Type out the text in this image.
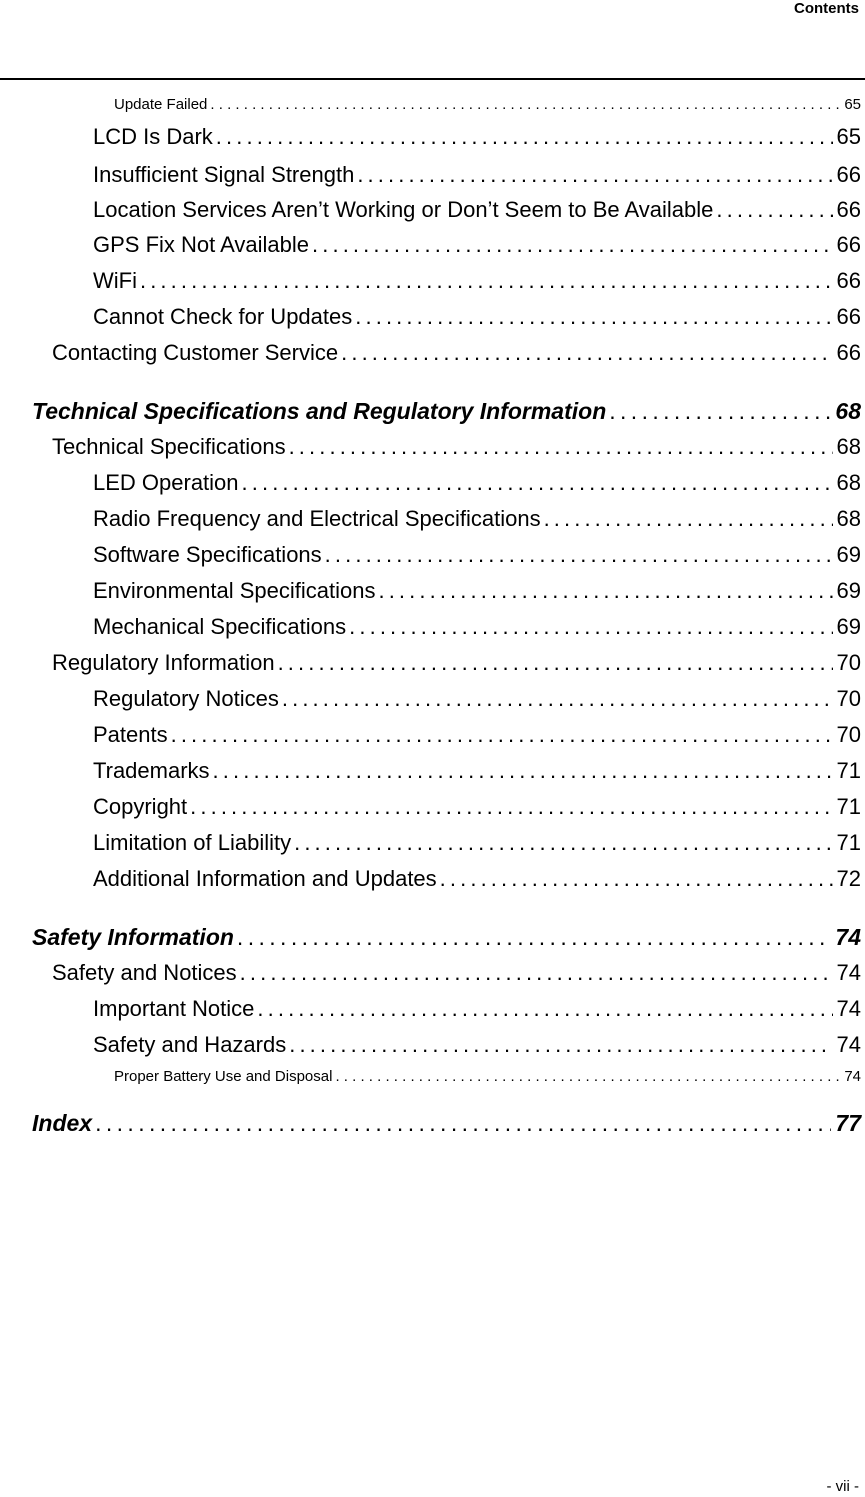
Contents
Update Failed . . .	65
LCD Is Dark . . .	65
Insufficient Signal Strength . . .	66
Location Services Aren’t Working or Don’t Seem to Be Available . . .	66
GPS Fix Not Available . . .	66
WiFi . . .	66
Cannot Check for Updates . . .	66
Contacting Customer Service . . .	66
Technical Specifications and Regulatory Information . . .	68
Technical Specifications . . .	68
LED Operation . . .	68
Radio Frequency and Electrical Specifications . . .	68
Software Specifications . . .	69
Environmental Specifications . . .	69
Mechanical Specifications . . .	69
Regulatory Information . . .	70
Regulatory Notices . . .	70
Patents . . .	70
Trademarks . . .	71
Copyright . . .	71
Limitation of Liability . . .	71
Additional Information and Updates . . .	72
Safety Information . . .	74
Safety and Notices . . .	74
Important Notice . . .	74
Safety and Hazards . . .	74
Proper Battery Use and Disposal . . .	74
Index . . .	77
- vii -
